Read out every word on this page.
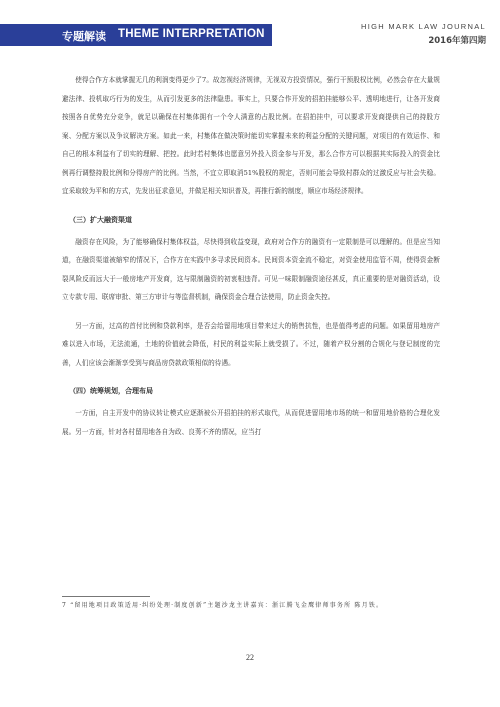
专题解读 THEME INTERPRETATION
HIGH MARK LAW JOURNAL
2016年第四期

使得合作方本就掌握无几的利润变得更少了7。故忽视经济规律，无视双方投资情况，强行干预股权比例，必然会存在大量规避法律、投机取巧行为的发生，从而引发更多的法律隐患。事实上，只要合作开发的招拍挂能够公平、透明地进行，让各开发商按照各自优势充分竞争，就足以确保在村集体拥有一个令人满意的占股比例。在招拍挂中，可以要求开发商提供自己的持股方案、分配方案以及争议解决方案。如此一来，村集体在做决策时能切实掌握未来的利益分配的关键问题，对项目的有效运作、和自己的根本利益有了切实的理解、把控。此时若村集体也愿意另外投入资金参与开发，那么合作方可以根据其实际投入的资金比例再行调整持股比例和分得房产的比例。当然，不宜立即取消51%股权的规定，否则可能会导致村群众的过激反应与社会失稳。宜采取较为平和的方式，先发出征求意见，并做足相关知识普及，再推行新的制度，顺应市场经济规律。

（三）扩大融资渠道

融资存在风险，为了能够确保村集体权益，尽快得到收益变现，政府对合作方的融资有一定限制是可以理解的。但是应当知道，在融资渠道被缩窄的情况下，合作方在实践中多寻求民间资本。民间资本资金流不稳定，对资金使用监管不周，使得资金断裂风险反而远大于一般房地产开发商，这与限制融资的初衷相违背。可见一味限制融资途径甚反，真正重要的是对融资活动，设立专款专用、联席审批、第三方审计与等监督机制，确保资金合理合法使用，防止资金失控。

另一方面，过高的首付比例和贷款利率，是否会给留用地项目带来过大的销售抗性，也是值得考虑的问题。如果留用地房产难以进入市场，无法流通，土地的价值就会降低，村民的利益实际上就受损了。不过，随着产权分割的合规化与登记制度的完善，人们应该会渐渐享受到与商品房贷款政策相似的待遇。

（四）统筹规划，合理布局

一方面，自主开发中的协议转让模式应逐渐被公开招拍挂的形式取代，从而促进留用地市场的统一和留用地价格的合理化发展。另一方面，针对各村留用地各自为政、良莠不齐的情况，应当打

7 “留用地项目政策适用·纠纷处理·制度创新”主题沙龙主讲嘉宾：浙江腾飞金鹰律师事务所 陈月铁。
22
